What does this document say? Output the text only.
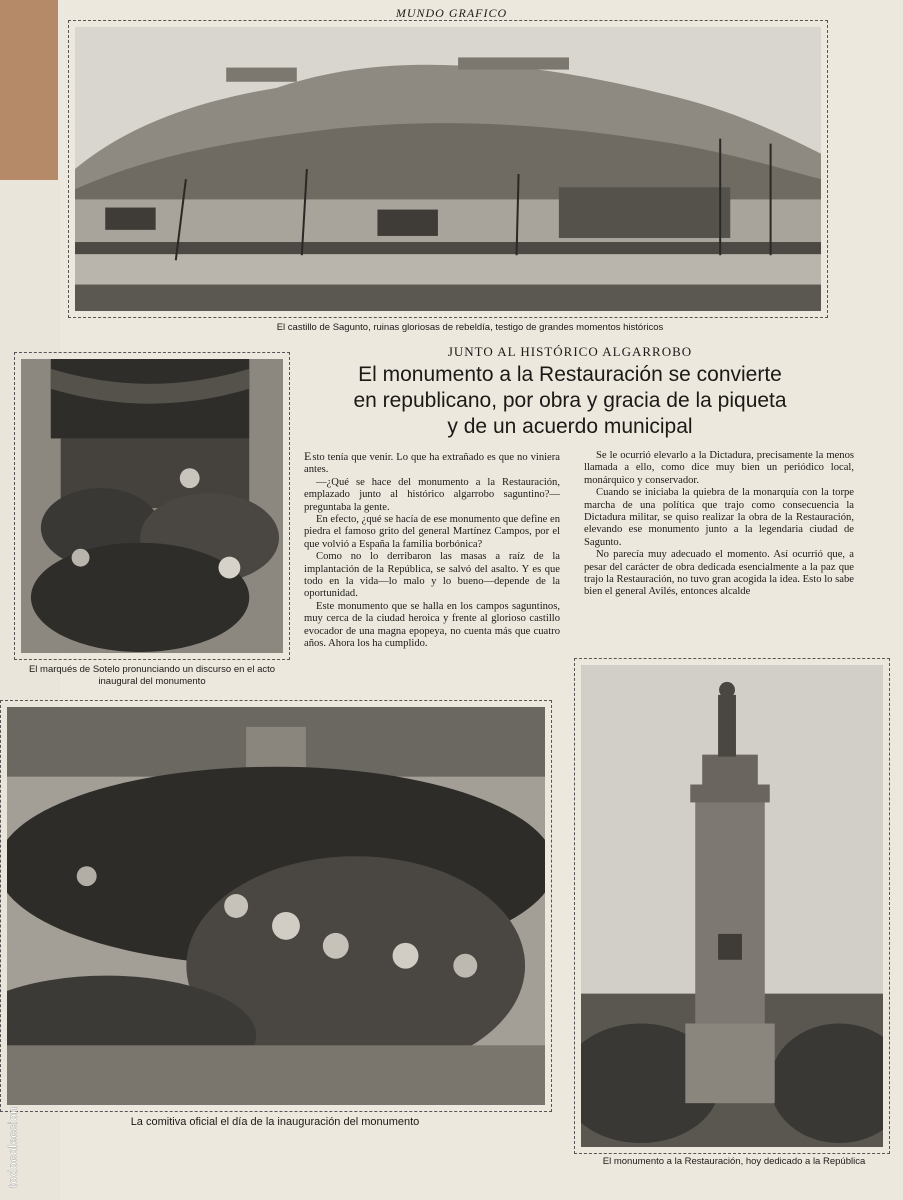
MUNDO GRAFICO
El castillo de Sagunto, ruinas gloriosas de rebeldía, testigo de grandes momentos históricos
El marqués de Sotelo pronunciando un discurso en el acto inaugural del monumento
JUNTO AL HISTÓRICO ALGARROBO
El monumento a la Restauración se convierte
en republicano, por obra y gracia de la piqueta
y de un acuerdo municipal

Esto tenía que venir. Lo que ha extrañado es que no viniera antes.

—¿Qué se hace del monumento a la Restauración, emplazado junto al histórico algarrobo saguntino?—preguntaba la gente.

En efecto, ¿qué se hacía de ese monumento que define en piedra el famoso grito del general Martínez Campos, por el que volvió a España la familia borbónica?

Como no lo derribaron las masas a raíz de la implantación de la República, se salvó del asalto. Y es que todo en la vida—lo malo y lo bueno—depende de la oportunidad.

Este monumento que se halla en los campos saguntinos, muy cerca de la ciudad heroica y frente al glorioso castillo evocador de una magna epopeya, no cuenta más que cuatro años. Ahora los ha cumplido.

Se le ocurrió elevarlo a la Dictadura, precisamente la menos llamada a ello, como dice muy bien un periódico local, monárquico y conservador.

Cuando se iniciaba la quiebra de la monarquía con la torpe marcha de una política que trajo como consecuencia la Dictadura militar, se quiso realizar la obra de la Restauración, elevando ese monumento junto a la legendaria ciudad de Sagunto.

No parecía muy adecuado el momento. Así ocurrió que, a pesar del carácter de obra dedicada esencialmente a la paz que trajo la Restauración, no tuvo gran acogida la idea. Esto lo sabe bien el general Avilés, entonces alcalde

La comitiva oficial el día de la inauguración del monumento
El monumento a la Restauración, hoy dedicado a la República
todocoleccion
